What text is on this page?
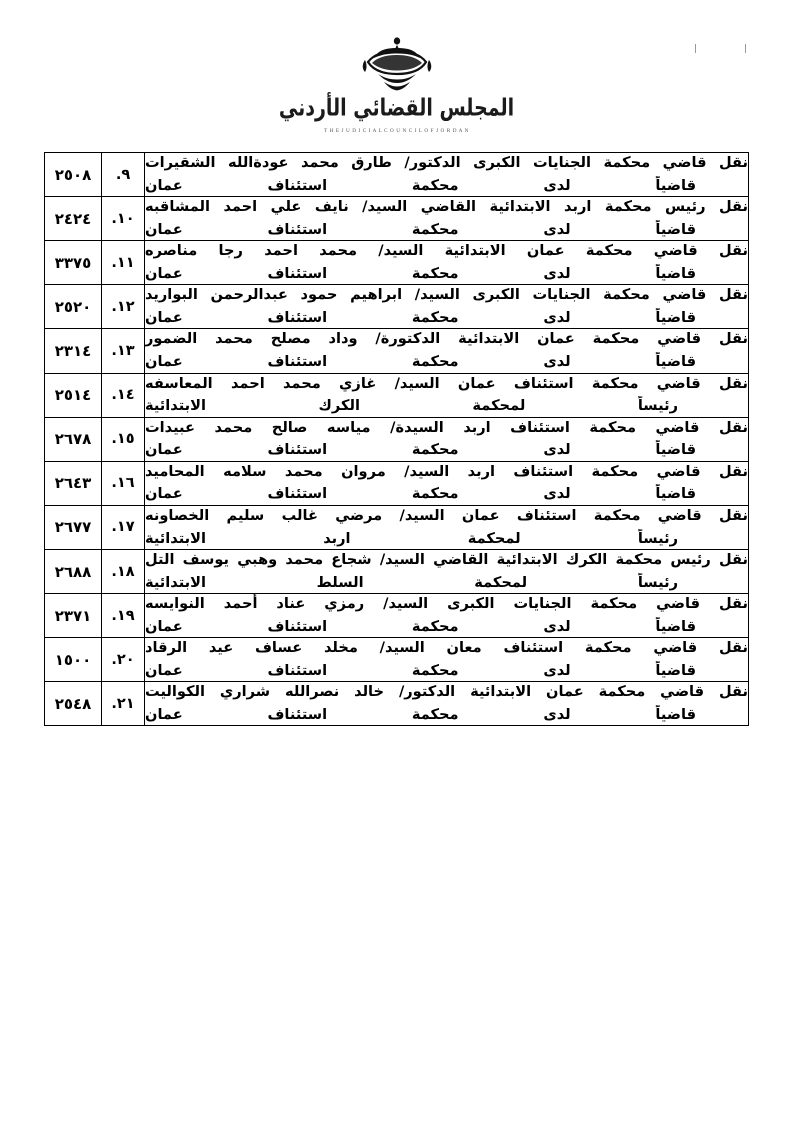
المجلس القضائي الأردني
T H E J U D I C I A L C O U N C I L O F J O R D A N
نقل قاضي محكمة الجنايات الكبرى الدكتور/ طارق محمد عودةالله الشقيرات
قاضياً لدى محكمة استئناف عمان	٩.	٢٥٠٨

نقل رئيس محكمة اربد الابتدائية القاضي السيد/ نايف علي احمد المشاقبه
قاضياً لدى محكمة استئناف عمان	١٠.	٢٤٢٤

نقل قاضي محكمة عمان الابتدائية السيد/ محمد احمد رجا مناصره
قاضياً لدى محكمة استئناف عمان	١١.	٣٣٧٥

نقل قاضي محكمة الجنايات الكبرى السيد/ ابراهيم حمود عبدالرحمن البوارید
قاضياً لدى محكمة استئناف عمان	١٢.	٢٥٢٠

نقل قاضي محكمة عمان الابتدائية الدكتورة/ وداد مصلح محمد الضمور
قاضياً لدى محكمة استئناف عمان	١٣.	٢٣١٤

نقل قاضي محكمة استئناف عمان السيد/ غازي محمد احمد المعاسفه
رئيساً لمحكمة الكرك الابتدائية	١٤.	٢٥١٤

نقل قاضي محكمة استئناف اربد السيدة/ مياسه صالح محمد عبيدات
قاضياً لدى محكمة استئناف عمان	١٥.	٢٦٧٨

نقل قاضي محكمة استئناف اربد السيد/ مروان محمد سلامه المحاميد
قاضياً لدى محكمة استئناف عمان	١٦.	٢٦٤٣

نقل قاضي محكمة استئناف عمان السيد/ مرضي غالب سليم الخصاونه
رئيساً لمحكمة اربد الابتدائية	١٧.	٢٦٧٧

نقل رئيس محكمة الكرك الابتدائية القاضي السيد/ شجاع محمد وهبي يوسف التل
رئيساً لمحكمة السلط الابتدائية	١٨.	٢٦٨٨

نقل قاضي محكمة الجنايات الكبرى السيد/ رمزي عناد أحمد النوايسه
قاضياً لدى محكمة استئناف عمان	١٩.	٢٣٧١

نقل قاضي محكمة استئناف معان السيد/ مخلد عساف عيد الرقاد
قاضياً لدى محكمة استئناف عمان	٢٠.	١٥٠٠

نقل قاضي محكمة عمان الابتدائية الدكتور/ خالد نصرالله شراري الكواليت
قاضياً لدى محكمة استئناف عمان	٢١.	٢٥٤٨
